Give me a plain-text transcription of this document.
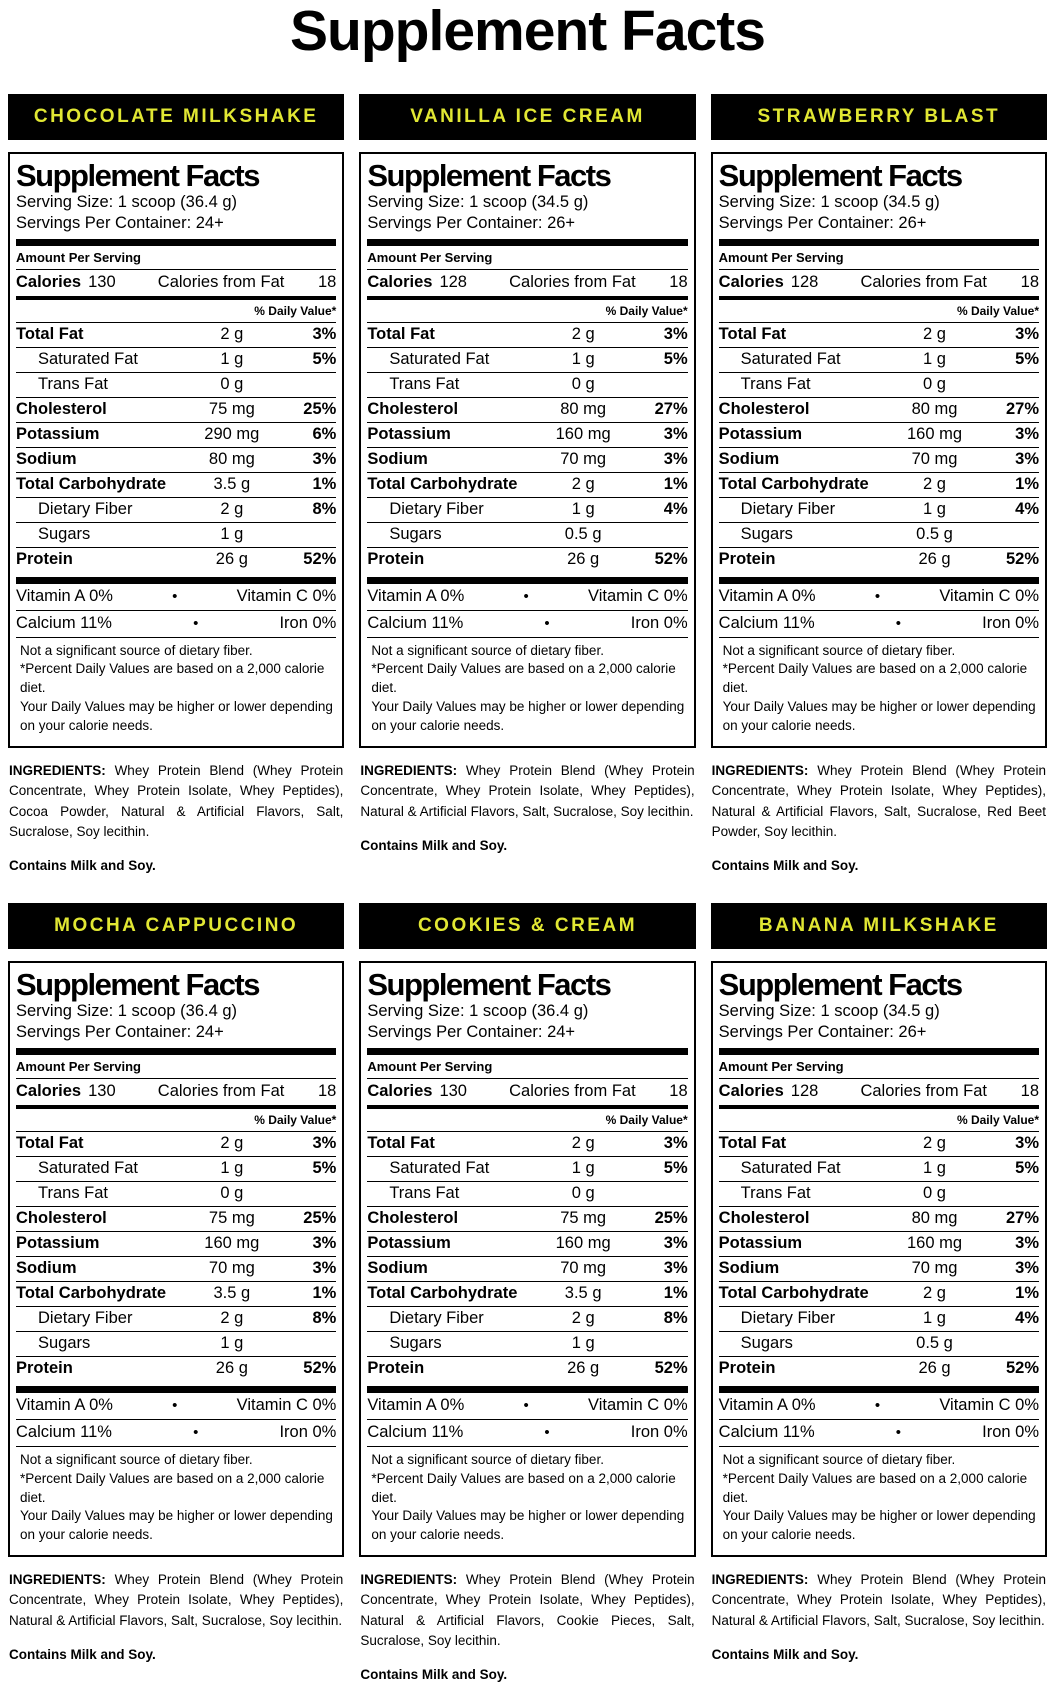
Supplement Facts
CHOCOLATE MILKSHAKE
Supplement Facts
Serving Size: 1 scoop (36.4 g)
Servings Per Container: 24+
Amount Per Serving
Calories 130	Calories from Fat	18
% Daily Value*
Total Fat	2 g	3%
Saturated Fat	1 g	5%
Trans Fat	0 g
Cholesterol	75 mg	25%
Potassium	290 mg	6%
Sodium	80 mg	3%
Total Carbohydrate	3.5 g	1%
Dietary Fiber	2 g	8%
Sugars	1 g
Protein	26 g	52%
Vitamin A 0%	•	Vitamin C 0%
Calcium 11%	•	Iron 0%
Not a significant source of dietary fiber.
*Percent Daily Values are based on a 2,000 calorie diet.
Your Daily Values may be higher or lower depending on your calorie needs.

INGREDIENTS: Whey Protein Blend (Whey Protein Concentrate, Whey Protein Isolate, Whey Peptides), Cocoa Powder, Natural & Artificial Flavors, Salt, Sucralose, Soy lecithin.

Contains Milk and Soy.

VANILLA ICE CREAM
Supplement Facts
Serving Size: 1 scoop (34.5 g)
Servings Per Container: 26+
Amount Per Serving
Calories 128	Calories from Fat	18
% Daily Value*
Total Fat	2 g	3%
Saturated Fat	1 g	5%
Trans Fat	0 g
Cholesterol	80 mg	27%
Potassium	160 mg	3%
Sodium	70 mg	3%
Total Carbohydrate	2 g	1%
Dietary Fiber	1 g	4%
Sugars	0.5 g
Protein	26 g	52%
Vitamin A 0%	•	Vitamin C 0%
Calcium 11%	•	Iron 0%
Not a significant source of dietary fiber.
*Percent Daily Values are based on a 2,000 calorie diet.
Your Daily Values may be higher or lower depending on your calorie needs.

INGREDIENTS: Whey Protein Blend (Whey Protein Concentrate, Whey Protein Isolate, Whey Peptides), Natural & Artificial Flavors, Salt, Sucralose, Soy lecithin.

Contains Milk and Soy.

STRAWBERRY BLAST
Supplement Facts
Serving Size: 1 scoop (34.5 g)
Servings Per Container: 26+
Amount Per Serving
Calories 128	Calories from Fat	18
% Daily Value*
Total Fat	2 g	3%
Saturated Fat	1 g	5%
Trans Fat	0 g
Cholesterol	80 mg	27%
Potassium	160 mg	3%
Sodium	70 mg	3%
Total Carbohydrate	2 g	1%
Dietary Fiber	1 g	4%
Sugars	0.5 g
Protein	26 g	52%
Vitamin A 0%	•	Vitamin C 0%
Calcium 11%	•	Iron 0%
Not a significant source of dietary fiber.
*Percent Daily Values are based on a 2,000 calorie diet.
Your Daily Values may be higher or lower depending on your calorie needs.

INGREDIENTS: Whey Protein Blend (Whey Protein Concentrate, Whey Protein Isolate, Whey Peptides), Natural & Artificial Flavors, Salt, Sucralose, Red Beet Powder, Soy lecithin.

Contains Milk and Soy.

MOCHA CAPPUCCINO
Supplement Facts
Serving Size: 1 scoop (36.4 g)
Servings Per Container: 24+
Amount Per Serving
Calories 130	Calories from Fat	18
% Daily Value*
Total Fat	2 g	3%
Saturated Fat	1 g	5%
Trans Fat	0 g
Cholesterol	75 mg	25%
Potassium	160 mg	3%
Sodium	70 mg	3%
Total Carbohydrate	3.5 g	1%
Dietary Fiber	2 g	8%
Sugars	1 g
Protein	26 g	52%
Vitamin A 0%	•	Vitamin C 0%
Calcium 11%	•	Iron 0%
Not a significant source of dietary fiber.
*Percent Daily Values are based on a 2,000 calorie diet.
Your Daily Values may be higher or lower depending on your calorie needs.

INGREDIENTS: Whey Protein Blend (Whey Protein Concentrate, Whey Protein Isolate, Whey Peptides), Natural & Artificial Flavors, Salt, Sucralose, Soy lecithin.

Contains Milk and Soy.

COOKIES & CREAM
Supplement Facts
Serving Size: 1 scoop (36.4 g)
Servings Per Container: 24+
Amount Per Serving
Calories 130	Calories from Fat	18
% Daily Value*
Total Fat	2 g	3%
Saturated Fat	1 g	5%
Trans Fat	0 g
Cholesterol	75 mg	25%
Potassium	160 mg	3%
Sodium	70 mg	3%
Total Carbohydrate	3.5 g	1%
Dietary Fiber	2 g	8%
Sugars	1 g
Protein	26 g	52%
Vitamin A 0%	•	Vitamin C 0%
Calcium 11%	•	Iron 0%
Not a significant source of dietary fiber.
*Percent Daily Values are based on a 2,000 calorie diet.
Your Daily Values may be higher or lower depending on your calorie needs.

INGREDIENTS: Whey Protein Blend (Whey Protein Concentrate, Whey Protein Isolate, Whey Peptides), Natural & Artificial Flavors, Cookie Pieces, Salt, Sucralose, Soy lecithin.

Contains Milk and Soy.

BANANA MILKSHAKE
Supplement Facts
Serving Size: 1 scoop (34.5 g)
Servings Per Container: 26+
Amount Per Serving
Calories 128	Calories from Fat	18
% Daily Value*
Total Fat	2 g	3%
Saturated Fat	1 g	5%
Trans Fat	0 g
Cholesterol	80 mg	27%
Potassium	160 mg	3%
Sodium	70 mg	3%
Total Carbohydrate	2 g	1%
Dietary Fiber	1 g	4%
Sugars	0.5 g
Protein	26 g	52%
Vitamin A 0%	•	Vitamin C 0%
Calcium 11%	•	Iron 0%
Not a significant source of dietary fiber.
*Percent Daily Values are based on a 2,000 calorie diet.
Your Daily Values may be higher or lower depending on your calorie needs.

INGREDIENTS: Whey Protein Blend (Whey Protein Concentrate, Whey Protein Isolate, Whey Peptides), Natural & Artificial Flavors, Salt, Sucralose, Soy lecithin.

Contains Milk and Soy.
